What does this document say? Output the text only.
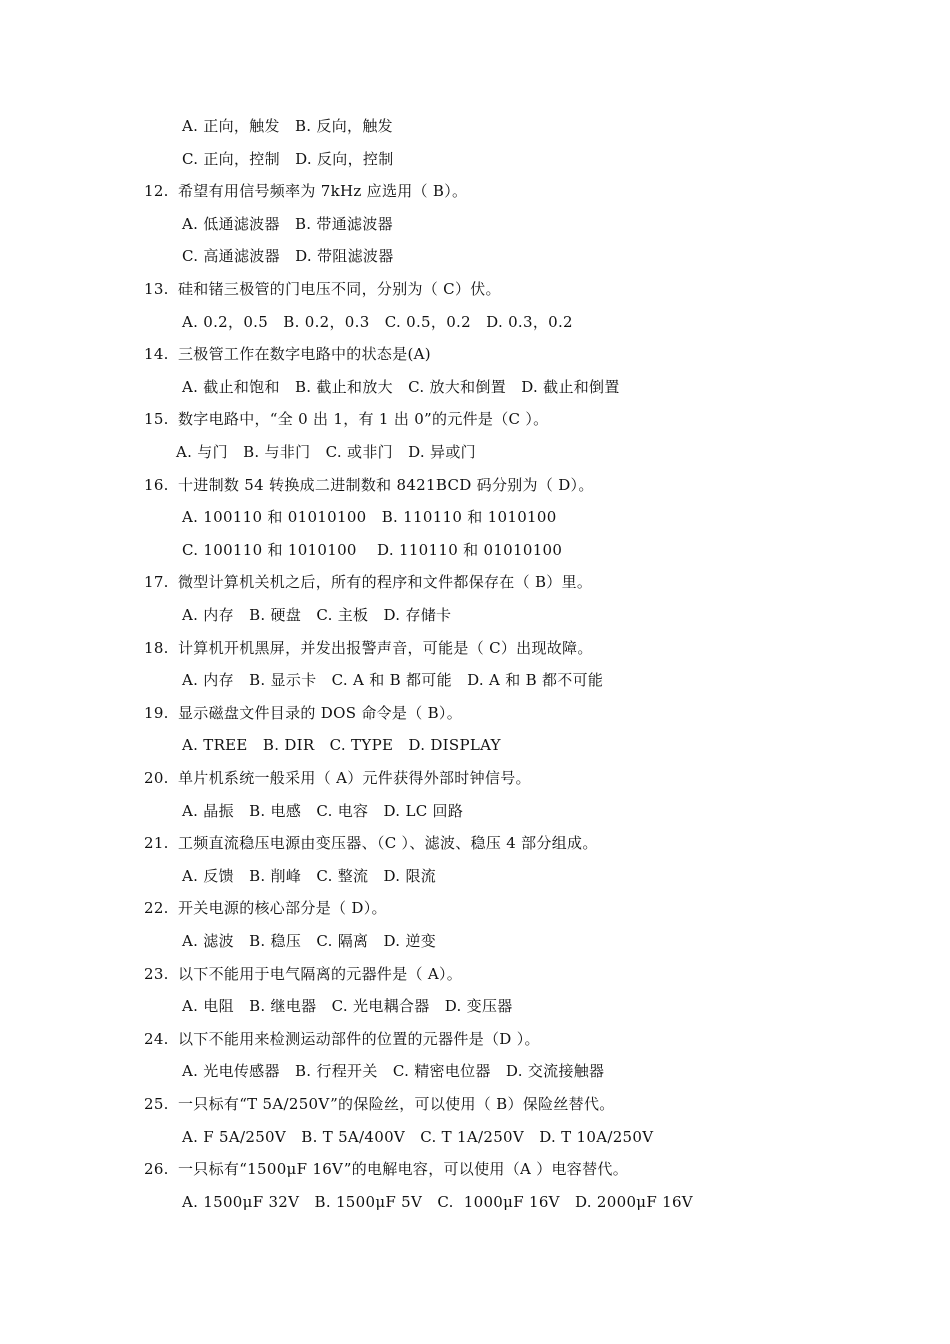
A. 正向，触发   B. 反向，触发
C. 正向，控制   D. 反向，控制
12. 希望有用信号频率为 7kHz 应选用（ B）。
A. 低通滤波器   B. 带通滤波器
C. 高通滤波器   D. 带阻滤波器
13. 硅和锗三极管的门电压不同，分别为（ C）伏。
A. 0.2，0.5   B. 0.2，0.3   C. 0.5，0.2   D. 0.3，0.2
14. 三极管工作在数字电路中的状态是(A)
A. 截止和饱和   B. 截止和放大   C. 放大和倒置   D. 截止和倒置
15. 数字电路中，“全 0 出 1，有 1 出 0”的元件是（C ）。
A. 与门   B. 与非门   C. 或非门   D. 异或门
16. 十进制数 54 转换成二进制数和 8421BCD 码分别为（ D）。
A. 100110 和 01010100   B. 110110 和 1010100
C. 100110 和 1010100    D. 110110 和 01010100
17. 微型计算机关机之后，所有的程序和文件都保存在（ B）里。
A. 内存   B. 硬盘   C. 主板   D. 存储卡
18. 计算机开机黑屏，并发出报警声音，可能是（ C）出现故障。
A. 内存   B. 显示卡   C. A 和 B 都可能   D. A 和 B 都不可能
19. 显示磁盘文件目录的 DOS 命令是（ B）。
A. TREE   B. DIR   C. TYPE   D. DISPLAY
20. 单片机系统一般采用（ A）元件获得外部时钟信号。
A. 晶振   B. 电感   C. 电容   D. LC 回路
21. 工频直流稳压电源由变压器、（C ）、滤波、稳压 4 部分组成。
A. 反馈   B. 削峰   C. 整流   D. 限流
22. 开关电源的核心部分是（ D）。
A. 滤波   B. 稳压   C. 隔离   D. 逆变
23. 以下不能用于电气隔离的元器件是（ A）。
A. 电阻   B. 继电器   C. 光电耦合器   D. 变压器
24. 以下不能用来检测运动部件的位置的元器件是（D ）。
A. 光电传感器   B. 行程开关   C. 精密电位器   D. 交流接触器
25. 一只标有“T 5A/250V”的保险丝，可以使用（ B）保险丝替代。
A. F 5A/250V   B. T 5A/400V   C. T 1A/250V   D. T 10A/250V
26. 一只标有“1500μF 16V”的电解电容，可以使用（A ）电容替代。
A. 1500μF 32V   B. 1500μF 5V   C.  1000μF 16V   D. 2000μF 16V
